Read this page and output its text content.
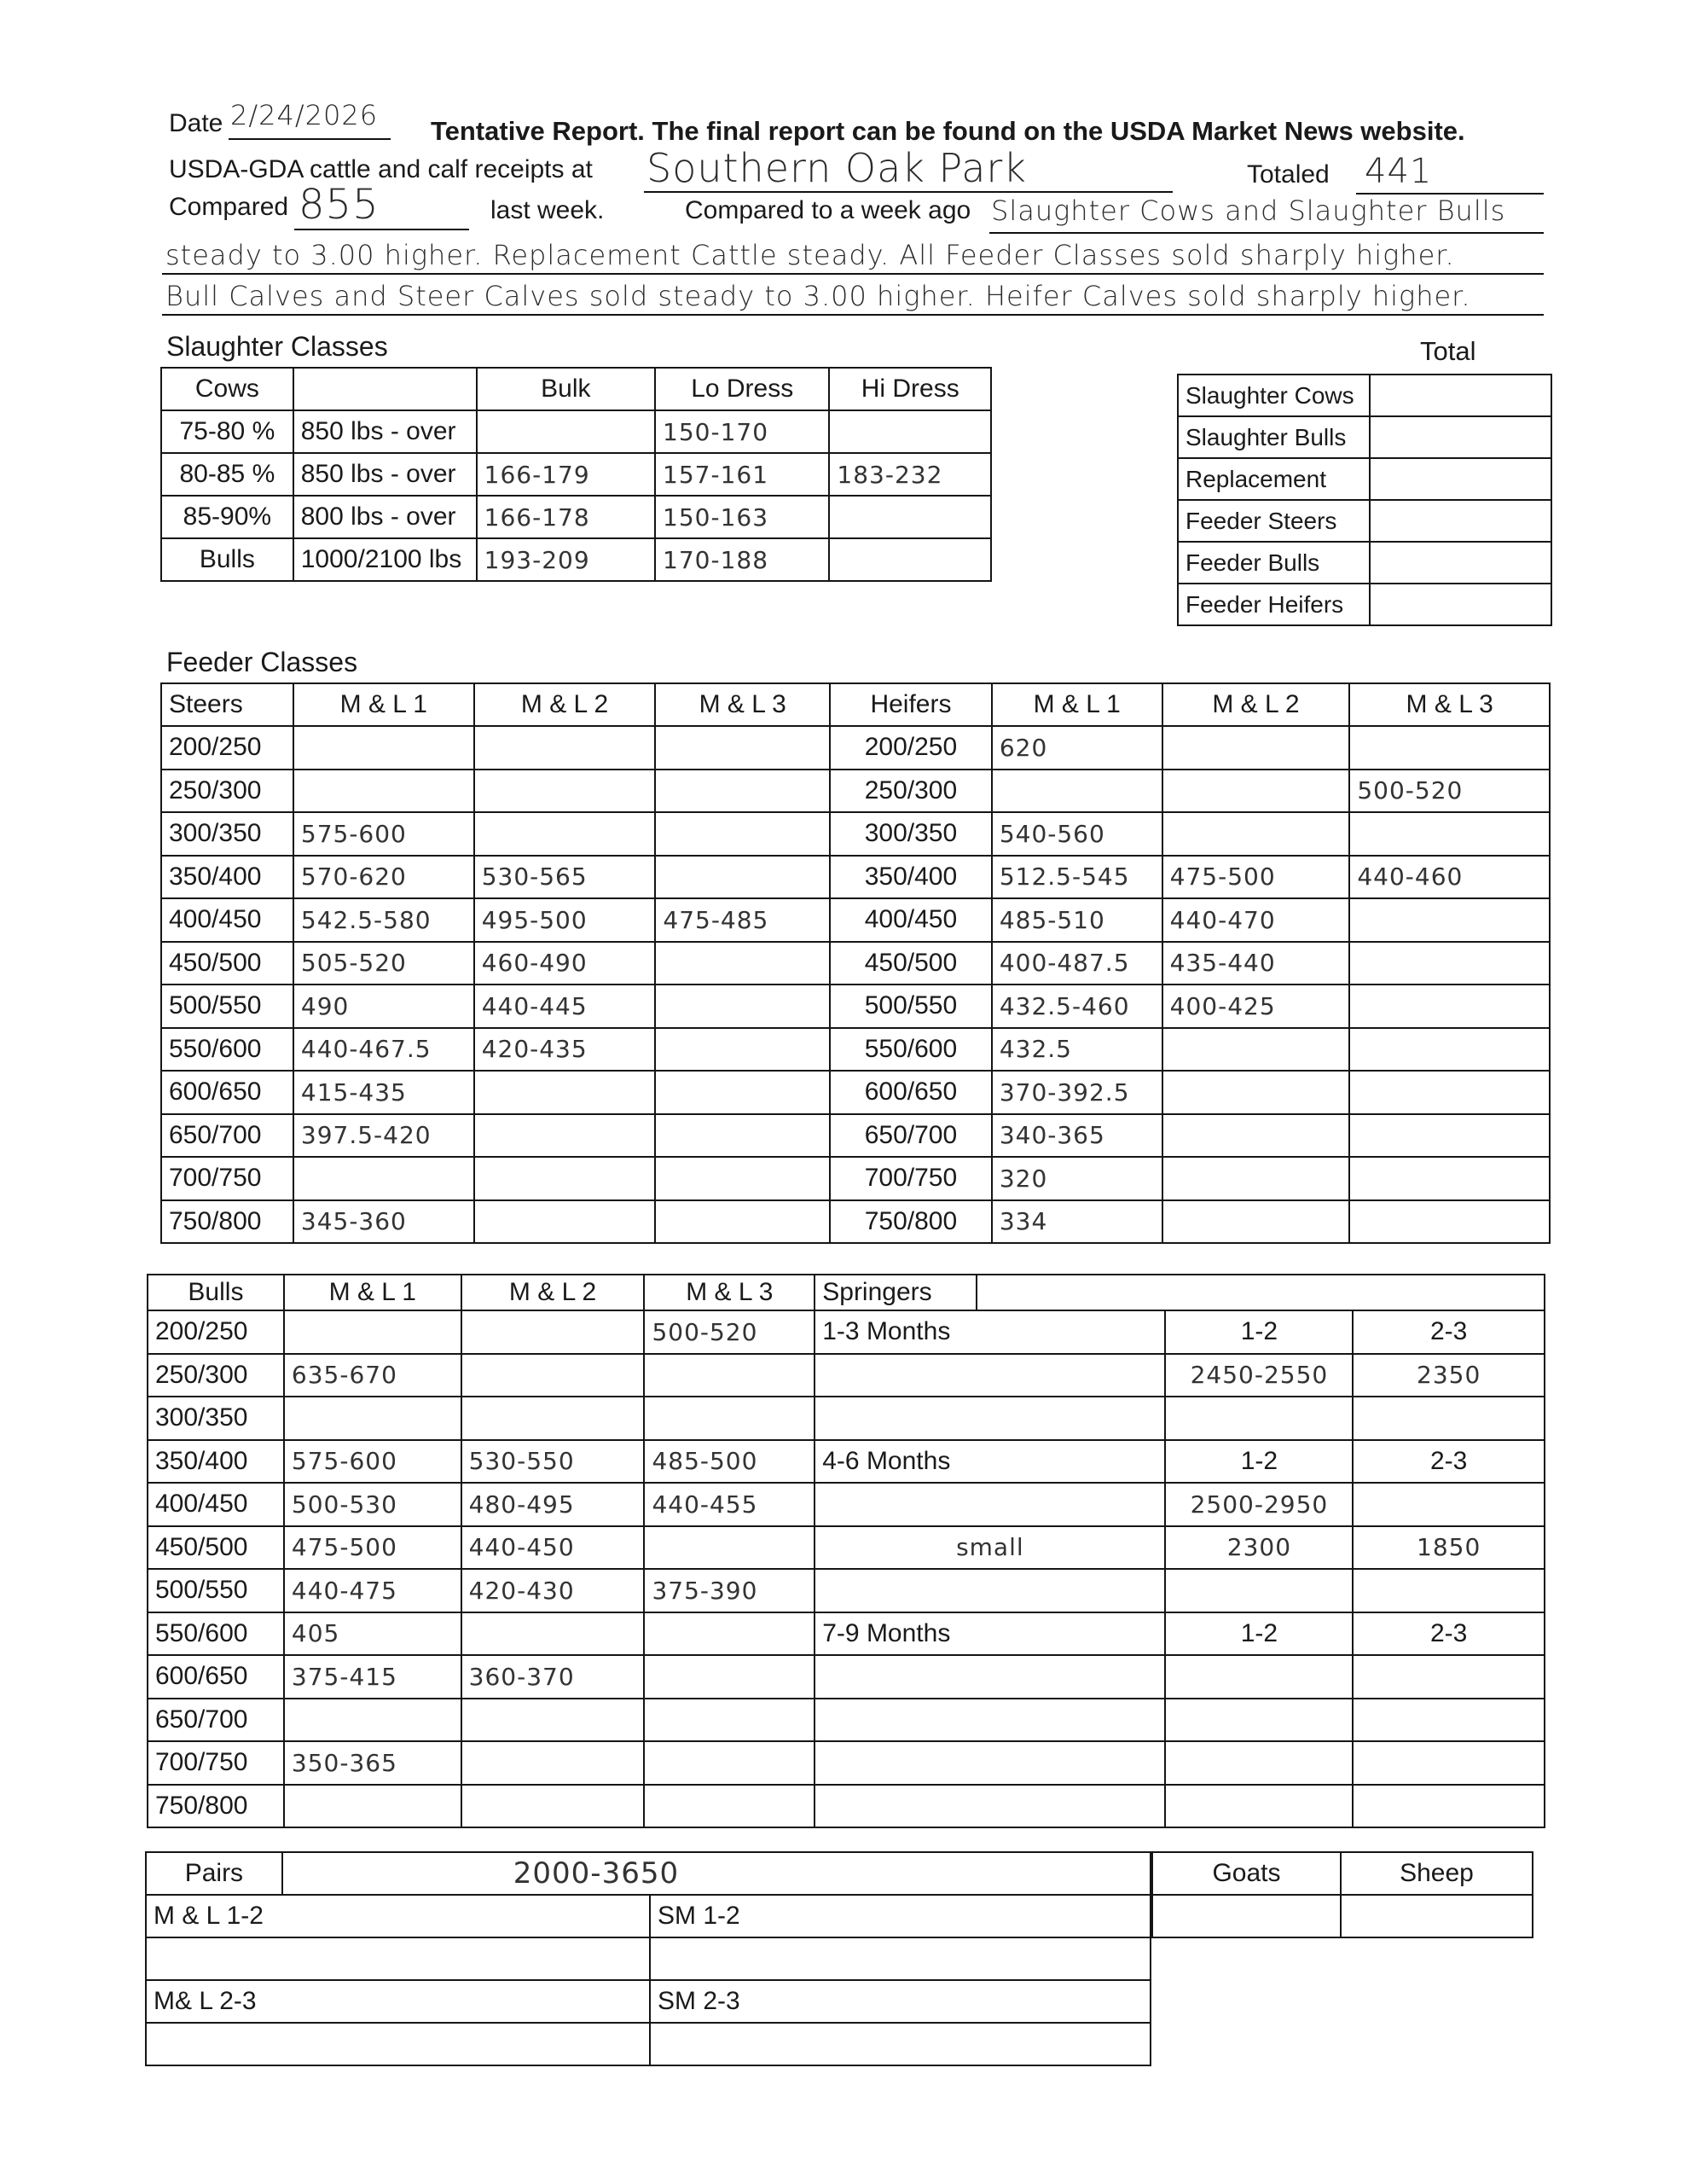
Date 2/24/2026 Tentative Report. The final report can be found on the USDA Market News website.
USDA-GDA cattle and calf receipts at Southern Oak Park	Totaled 441
Compared 855	last week.	Compared to a week ago Slaughter Cows and Slaughter Bulls
steady to 3.00 higher. Replacement Cattle steady. All Feeder Classes sold sharply higher.
Bull Calves and Steer Calves sold steady to 3.00 higher. Heifer Calves sold sharply higher.
Slaughter Classes
Cows		Bulk	Lo Dress	Hi Dress
75-80 %	850 lbs - over		150-170	
80-85 %	850 lbs - over	166-179	157-161	183-232
85-90%	800 lbs - over	166-178	150-163	
Bulls	1000/2100 lbs	193-209	170-188	
Total
Slaughter Cows	
Slaughter Bulls	
Replacement	
Feeder Steers	
Feeder Bulls	
Feeder Heifers	
Feeder Classes
Steers	M & L 1	M & L 2	M & L 3	Heifers	M & L 1	M & L 2	M & L 3
200/250				200/250	620		
250/300				250/300			500-520
300/350	575-600			300/350	540-560		
350/400	570-620	530-565		350/400	512.5-545	475-500	440-460
400/450	542.5-580	495-500	475-485	400/450	485-510	440-470	
450/500	505-520	460-490		450/500	400-487.5	435-440	
500/550	490	440-445		500/550	432.5-460	400-425	
550/600	440-467.5	420-435		550/600	432.5		
600/650	415-435			600/650	370-392.5		
650/700	397.5-420			650/700	340-365		
700/750				700/750	320		
750/800	345-360			750/800	334		
Bulls	M & L 1	M & L 2	M & L 3	Springers			
200/250			500-520	1-3 Months		1-2	2-3
250/300	635-670					2450-2550	2350
300/350							
350/400	575-600	530-550	485-500	4-6 Months		1-2	2-3
400/450	500-530	480-495	440-455			2500-2950	
450/500	475-500	440-450		small		2300	1850
500/550	440-475	420-430	375-390				
550/600	405			7-9 Months		1-2	2-3
600/650	375-415	360-370					
650/700							
700/750	350-365						
750/800							
Pairs	2000-3650	
M & L 1-2		SM 1-2

M& L 2-3		SM 2-3

Goats	Sheep
